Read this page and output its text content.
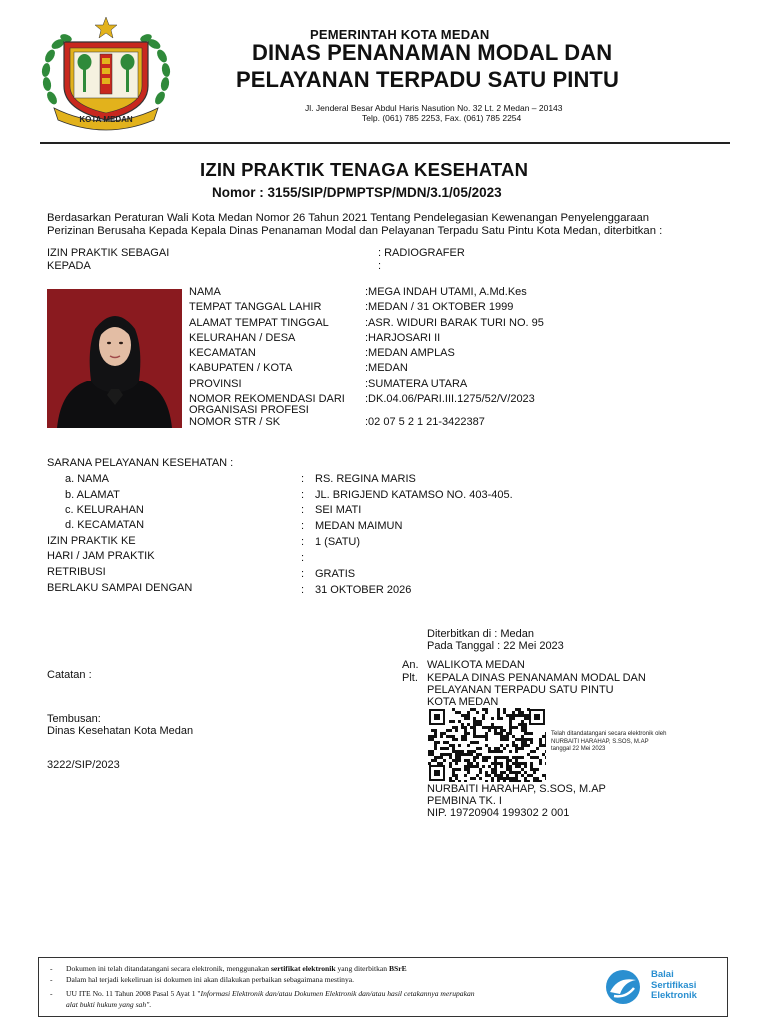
KOTA MEDAN
PEMERINTAH KOTA MEDAN
DINAS PENANAMAN MODAL DAN
PELAYANAN TERPADU SATU PINTU
Jl. Jenderal Besar Abdul Haris Nasution No. 32 Lt. 2 Medan – 20143
Telp. (061) 785 2253, Fax. (061) 785 2254
IZIN PRAKTIK TENAGA KESEHATAN
Nomor : 3155/SIP/DPMPTSP/MDN/3.1/05/2023
Berdasarkan Peraturan Wali Kota Medan Nomor 26 Tahun 2021 Tentang Pendelegasian Kewenangan Penyelenggaraan
Perizinan Berusaha Kepada Kepala Dinas Penanaman Modal dan Pelayanan Terpadu Satu Pintu Kota Medan, diterbitkan :
IZIN PRAKTIK SEBAGAI	: RADIOGRAFER
KEPADA	:
NAMA	:MEGA INDAH UTAMI, A.Md.Kes
TEMPAT TANGGAL LAHIR	:MEDAN / 31 OKTOBER 1999
ALAMAT TEMPAT TINGGAL	:ASR. WIDURI BARAK TURI NO. 95
KELURAHAN / DESA	:HARJOSARI II
KECAMATAN	:MEDAN AMPLAS
KABUPATEN / KOTA	:MEDAN
PROVINSI	:SUMATERA UTARA
NOMOR REKOMENDASI DARI
ORGANISASI PROFESI
:DK.04.06/PARI.III.1275/52/V/2023
NOMOR STR / SK	:02 07 5 2 1 21-3422387
SARANA PELAYANAN KESEHATAN :
a. NAMA	: RS. REGINA MARIS
b. ALAMAT	: JL. BRIGJEND KATAMSO NO. 403-405.
c. KELURAHAN	: SEI MATI
d. KECAMATAN	: MEDAN MAIMUN
IZIN PRAKTIK KE	: 1 (SATU)
HARI / JAM PRAKTIK	:
RETRIBUSI	: GRATIS
BERLAKU SAMPAI DENGAN	: 31 OKTOBER 2026
Diterbitkan di : Medan
Pada Tanggal : 22 Mei 2023
An. WALIKOTA MEDAN
Plt. KEPALA DINAS PENANAMAN MODAL DAN
PELAYANAN TERPADU SATU PINTU
KOTA MEDAN
Telah ditandatangani secara elektronik oleh
NURBAITI HARAHAP, S.SOS, M.AP
tanggal 22 Mei 2023
NURBAITI HARAHAP, S.SOS, M.AP
PEMBINA TK. I
NIP. 19720904 199302 2 001
Catatan :
Tembusan:
Dinas Kesehatan Kota Medan
3222/SIP/2023
- Dokumen ini telah ditandatangani secara elektronik, menggunakan sertifikat elektronik yang diterbitkan BSrE
- Dalam hal terjadi kekeliruan isi dokumen ini akan dilakukan perbaikan sebagaimana mestinya.
- UU ITE No. 11 Tahun 2008 Pasal 5 Ayat 1 "Informasi Elektronik dan/atau Dokumen Elektronik dan/atau hasil cetakannya merupakan
alat bukti hukum yang sah".
Balai
Sertifikasi
Elektronik
